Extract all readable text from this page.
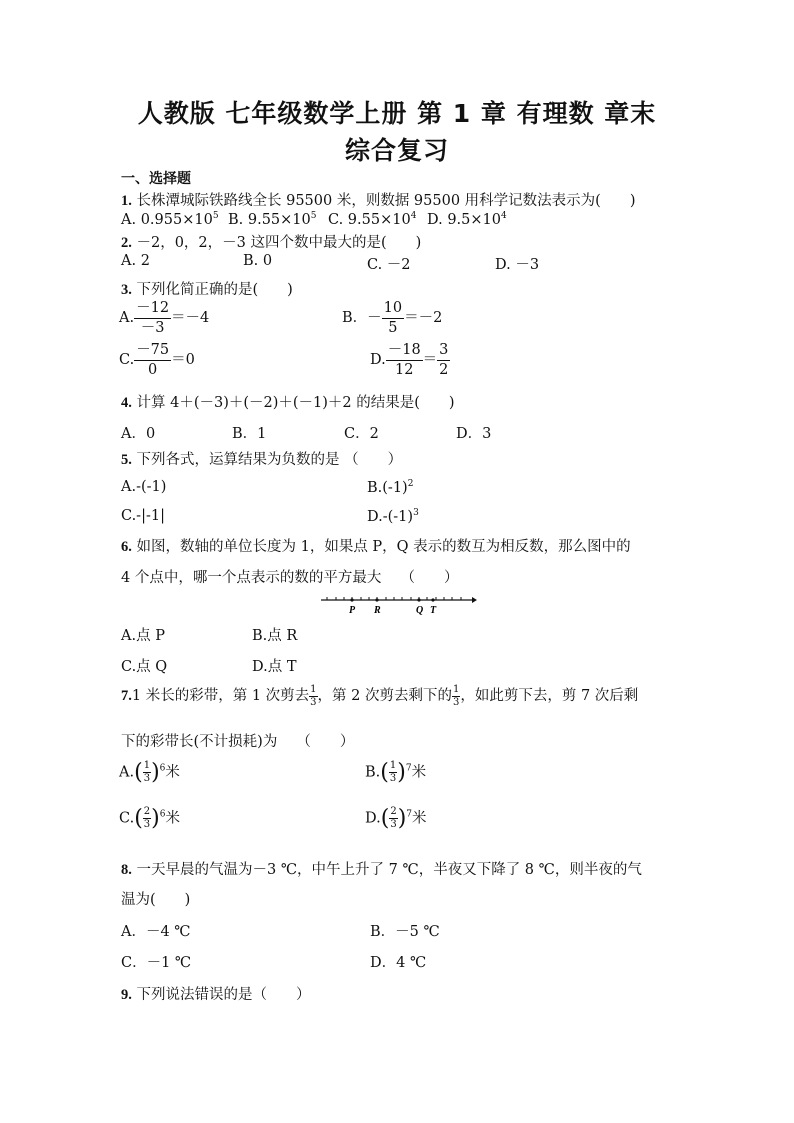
人教版 七年级数学上册 第 1 章 有理数 章末
综合复习
一、选择题
1. 长株潭城际铁路线全长 95500 米，则数据 95500 用科学记数法表示为(　　)
A. $0.955\times 10^5$ B. $9.55\times 10^5$ C. $9.55\times 10^4$ D. $9.5\times 10^4$
2. －2，0，2，－3 这四个数中最大的是(　　)
A. 2	B. 0	C. －2	D. －3
3. 下列化简正确的是(　　)
A. $\frac{-12}{-3} =-4$	B．－ $\frac{10}{5} =-2$
C. $\frac{-75}{0} =0$	D. $\frac{-18}{12} = \frac{3}{2}$
4. 计算 4＋(－3)＋(－2)＋(－1)＋2 的结果是(　　)
A．0	B．1	C．2	D．3
5. 下列各式，运算结果为负数的是 （　　）
A.-(-1)	$B.(-1)^2$
C.-|-1|	$D.-(-1)^3$
6. 如图，数轴的单位长度为 1，如果点 P，Q 表示的数互为相反数，那么图中的
4 个点中，哪一个点表示的数的平方最大　 （　　）
P R	Q T
A.点 P	B.点 R
C.点 Q	D.点 T
7.1 米长的彩带，第 1 次剪去 $\frac{1}{3}$ ，第 2 次剪去剩下的 $\frac{1}{3}$ ，如此剪下去，剪 7 次后剩
下的彩带长(不计损耗)为　 （　　）
$A.( \frac{1}{3} )^6$米	$B.( \frac{1}{3} )^7$米
$C.( \frac{2}{3} )^6$米	$D.( \frac{2}{3} )^7$米
8. 一天早晨的气温为－3 ℃，中午上升了 7 ℃，半夜又下降了 8 ℃，则半夜的气
温为(　　)
A．－4 ℃	B．－5 ℃
C．－1 ℃	D．4 ℃
9. 下列说法错误的是（　　）
